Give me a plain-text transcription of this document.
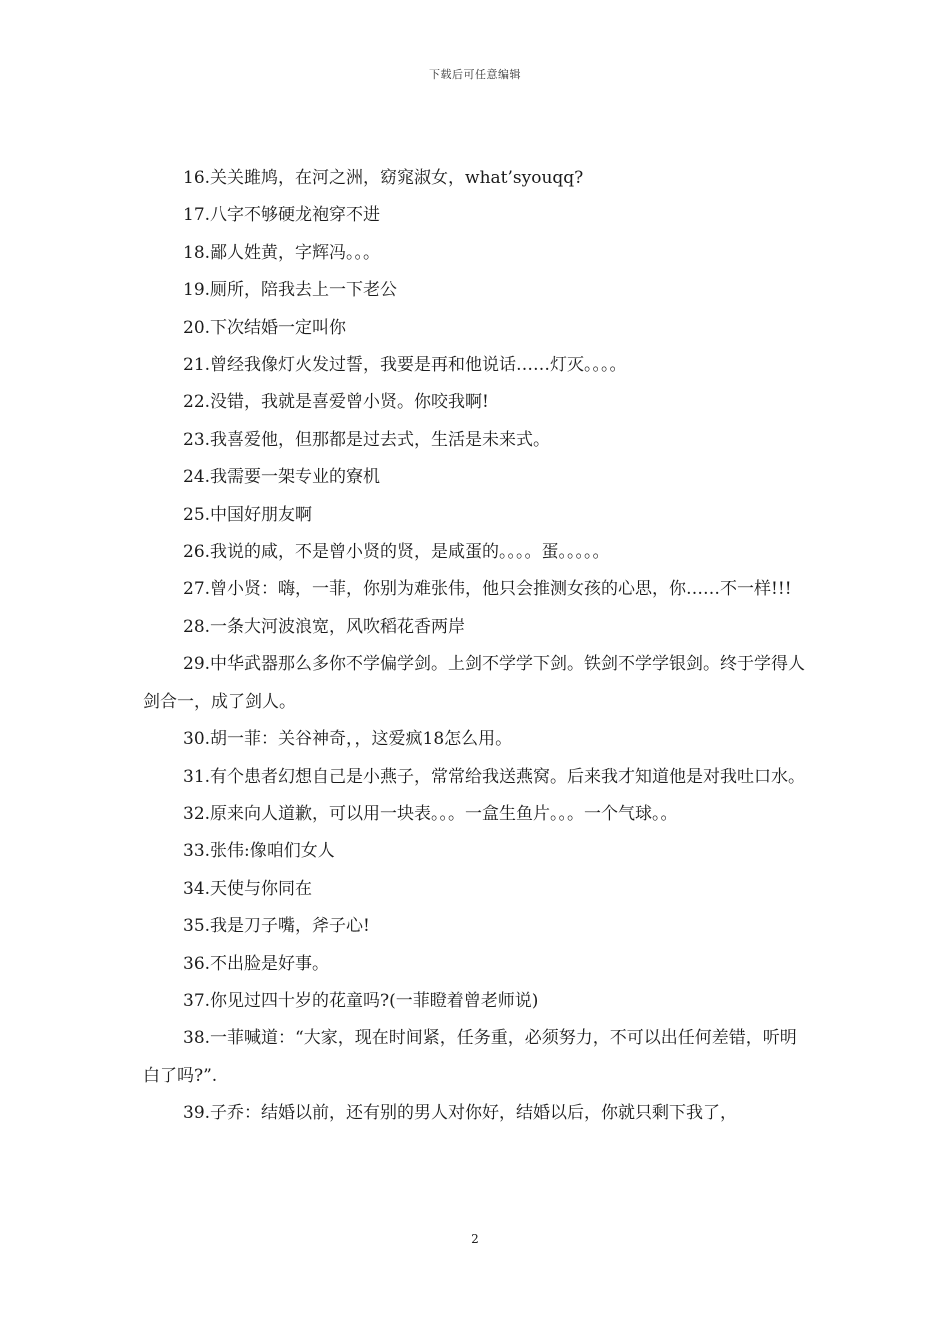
下载后可任意编辑

16.关关雎鸠，在河之洲，窈窕淑女，what’syouqq?

17.八字不够硬龙袍穿不进

18.鄙人姓黄，字辉冯。。。

19.厕所，陪我去上一下老公

20.下次结婚一定叫你

21.曾经我像灯火发过誓，我要是再和他说话……灯灭。。。。

22.没错，我就是喜爱曾小贤。你咬我啊!

23.我喜爱他，但那都是过去式，生活是未来式。

24.我需要一架专业的寮机

25.中国好朋友啊

26.我说的咸，不是曾小贤的贤，是咸蛋的。。。。蛋。。。。。

27.曾小贤：嗨，一菲，你别为难张伟，他只会推测女孩的心思，你……不一样!!!

28.一条大河波浪宽，风吹稻花香两岸

29.中华武器那么多你不学偏学剑。上剑不学学下剑。铁剑不学学银剑。终于学得人剑合一，成了剑人。

30.胡一菲：关谷神奇，，这爱疯18怎么用。

31.有个患者幻想自己是小燕子，常常给我送燕窝。后来我才知道他是对我吐口水。

32.原来向人道歉，可以用一块表。。。一盒生鱼片。。。一个气球。。

33.张伟:像咱们女人

34.天使与你同在

35.我是刀子嘴，斧子心!

36.不出脸是好事。

37.你见过四十岁的花童吗?(一菲瞪着曾老师说)

38.一菲喊道：“大家，现在时间紧，任务重，必须努力，不可以出任何差错，听明白了吗?”.

39.子乔：结婚以前，还有别的男人对你好，结婚以后，你就只剩下我了，

2
